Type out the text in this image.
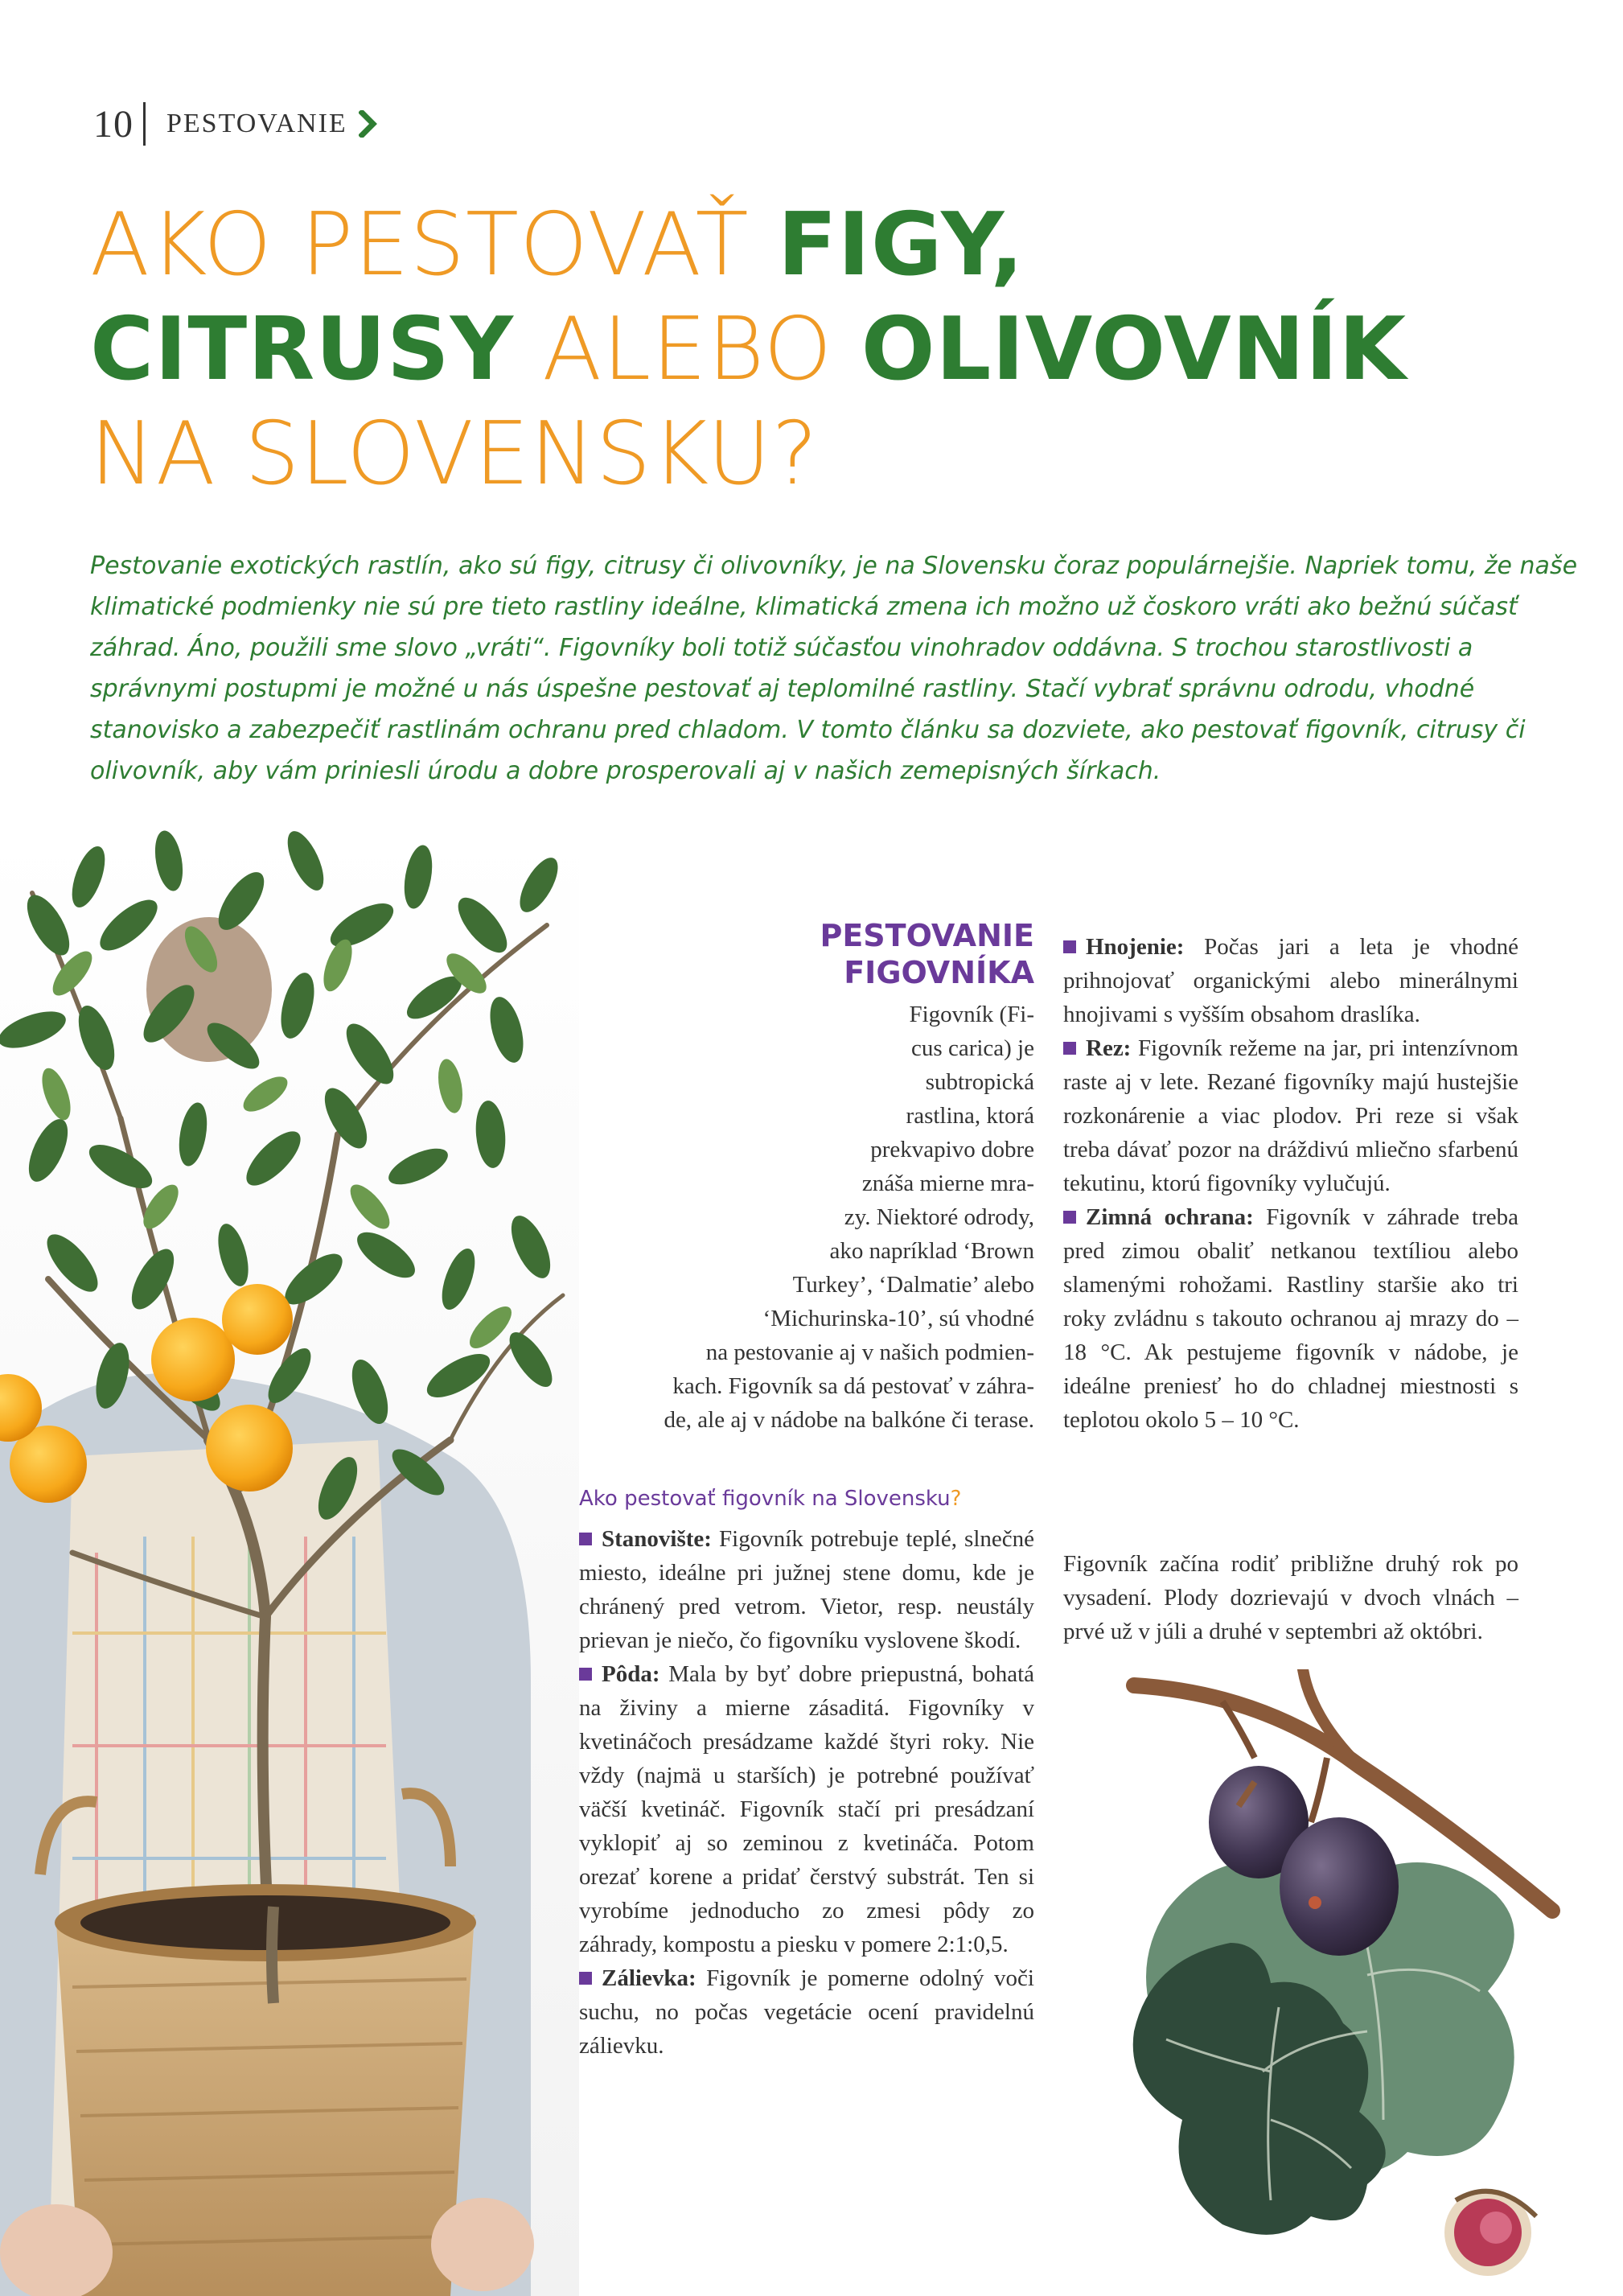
10 PESTOVANIE
AKO PESTOVAŤ FIGY,
CITRUSY ALEBO OLIVOVNÍK
NA SLOVENSKU?

Pestovanie exotických rastlín, ako sú figy, citrusy či olivovníky, je na Slovensku čoraz populárnejšie. Napriek tomu, že naše klimatické podmienky nie sú pre tieto rastliny ideálne, klimatická zmena ich možno už čoskoro vráti ako bežnú súčasť záhrad. Áno, použili sme slovo „vráti“. Figovníky boli totiž súčasťou vinohradov oddávna. S trochou starostlivosti a správnymi postupmi je možné u nás úspešne pestovať aj teplomilné rastliny. Stačí vybrať správnu odrodu, vhodné stanovisko a zabezpečiť rastlinám ochranu pred chladom. V tomto článku sa dozviete, ako pestovať figovník, citrusy či olivovník, aby vám priniesli úrodu a dobre prosperovali aj v našich zemepisných šírkach.

PESTOVANIE
FIGOVNÍKA
Figovník (Fi-
cus carica) je
subtropická
rastlina, ktorá
prekvapivo dobre
znáša mierne mra-
zy. Niektoré odrody,
ako napríklad ‘Brown
Turkey’, ‘Dalmatie’ alebo
‘Michurinska-10’, sú vhodné
na pestovanie aj v našich podmien-
kach. Figovník sa dá pestovať v záhra-
de, ale aj v nádobe na balkóne či terase.
Ako pestovať figovník na Slovensku?

Stanovište: Figovník potrebuje teplé, slnečné miesto, ideálne pri južnej stene domu, kde je chránený pred vetrom. Vietor, resp. neustály prievan je niečo, čo figovníku vyslovene škodí.

Pôda: Mala by byť dobre priepustná, bohatá na živiny a mierne zásaditá. Figovníky v kvetináčoch presádzame každé štyri roky. Nie vždy (najmä u starších) je potrebné používať väčší kvetináč. Figovník stačí pri presádzaní vyklopiť aj so zeminou z kvetináča. Potom orezať korene a pridať čerstvý substrát. Ten si vyrobíme jednoducho zo zmesi pôdy zo záhrady, kompostu a piesku v pomere 2:1:0,5.

Zálievka: Figovník je pomerne odolný voči suchu, no počas vegetácie ocení pravidelnú zálievku.

Hnojenie: Počas jari a leta je vhodné prihnojovať organickými alebo minerálnymi hnojivami s vyšším obsahom draslíka.

Rez: Figovník režeme na jar, pri intenzívnom raste aj v lete. Rezané figovníky majú hustejšie rozkonárenie a viac plodov. Pri reze si však treba dávať pozor na dráždivú mliečno sfarbenú tekutinu, ktorú figovníky vylučujú.

Zimná ochrana: Figovník v záhrade treba pred zimou obaliť netkanou textíliou alebo slamenými rohožami. Rastliny staršie ako tri roky zvládnu s takouto ochranou aj mrazy do – 18 °C. Ak pestujeme figovník v nádobe, je ideálne preniesť ho do chladnej miestnosti s teplotou okolo 5 – 10 °C.

Figovník začína rodiť približne druhý rok po vysadení. Plody dozrievajú v dvoch vlnách – prvé už v júli a druhé v septembri až októbri.
